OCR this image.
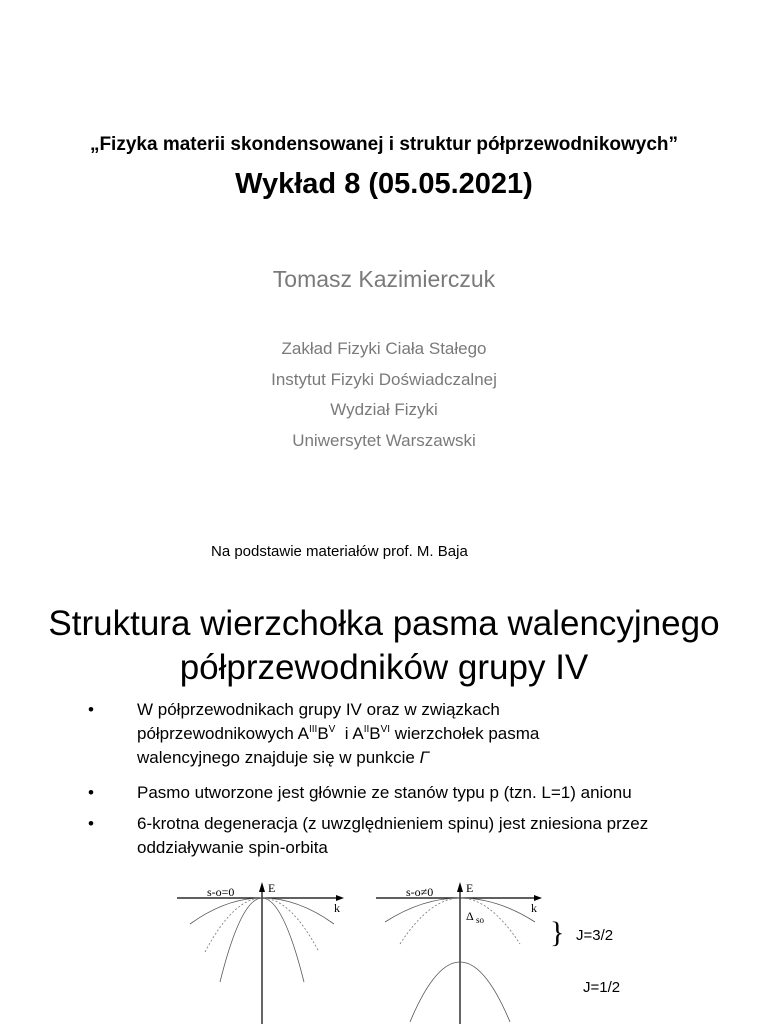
„Fizyka materii skondensowanej i struktur półprzewodnikowych”
Wykład 8 (05.05.2021)
Tomasz Kazimierczuk
Zakład Fizyki Ciała Stałego
Instytut Fizyki Doświadczalnej
Wydział Fizyki
Uniwersytet Warszawski
Na podstawie materiałów prof. M. Baja
Struktura wierzchołka pasma walencyjnego
półprzewodników grupy IV
•	W półprzewodnikach grupy IV oraz w związkach
półprzewodnikowych $A^{III}B^V$  i $A^{II}B^{VI}$ wierzchołek pasma
walencyjnego znajduje się w punkcie Γ
•	Pasmo utworzone jest głównie ze stanów typu p (tzn. L=1) anionu
•	6-krotna degeneracja (z uwzględnieniem spinu) jest zniesiona przez
oddziaływanie spin-orbita
s-o=0	E
k
s-o≠0	E
k
Δ so } J=3/2
J=1/2
